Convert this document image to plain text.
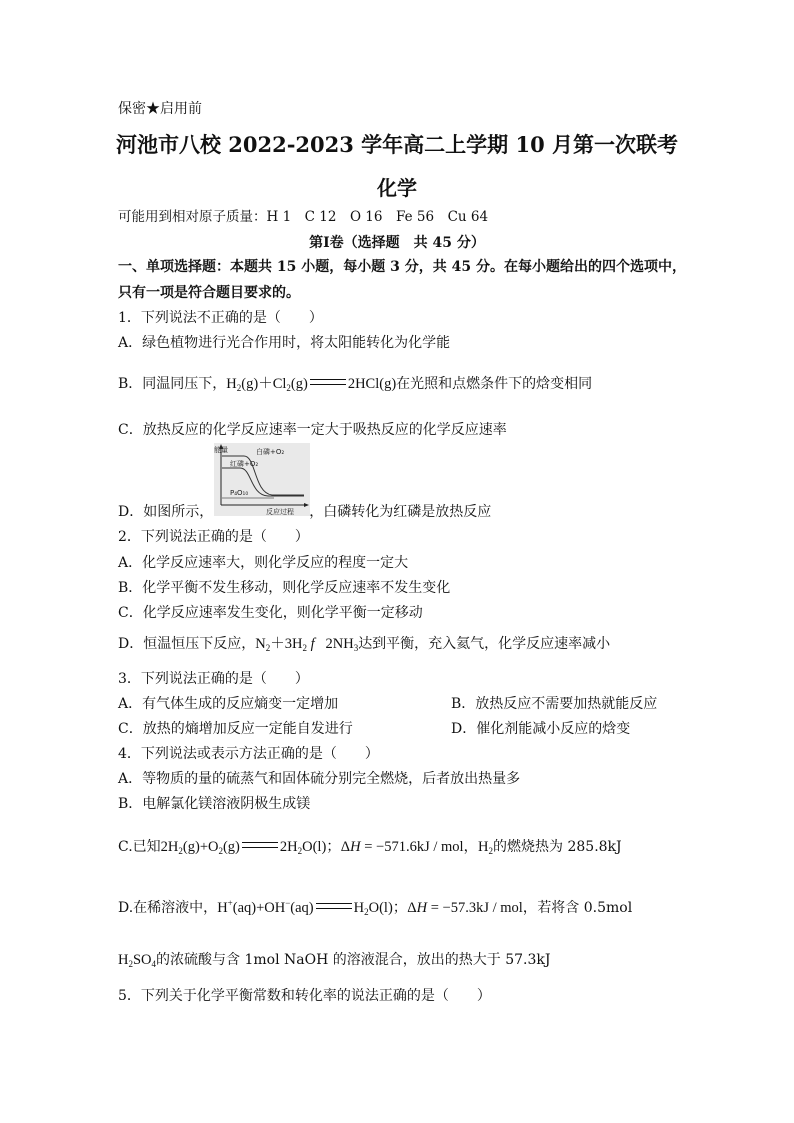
保密★启用前
河池市八校 2022-2023 学年高二上学期 10 月第一次联考
化学
可能用到相对原子质量：H 1　C 12　O 16　Fe 56　Cu 64
第Ⅰ卷（选择题　共 45 分）
一、单项选择题：本题共 15 小题，每小题 3 分，共 45 分。在每小题给出的四个选项中，
只有一项是符合题目要求的。
1．下列说法不正确的是（　　）
A．绿色植物进行光合作用时，将太阳能转化为化学能
B．同温同压下，$H_2(g)+Cl_2(g)$	2HCl(g)在光照和点燃条件下的焓变相同
C．放热反应的化学反应速率一定大于吸热反应的化学反应速率
能量	白磷+O₂
红磷+O₂
P₄O₁₀
反应过程
D．如图所示，	，白磷转化为红磷是放热反应
2．下列说法正确的是（　　）
A．化学反应速率大，则化学反应的程度一定大
B．化学平衡不发生移动，则化学反应速率不发生变化
C．化学反应速率发生变化，则化学平衡一定移动
D．恒温恒压下反应，$N_2+3H_2$ f   $2NH_3$达到平衡，充入氦气，化学反应速率减小
3．下列说法正确的是（　　）
A．有气体生成的反应熵变一定增加	B．放热反应不需要加热就能反应
C．放热的熵增加反应一定能自发进行	D．催化剂能减小反应的焓变
4．下列说法或表示方法正确的是（　　）
A．等物质的量的硫蒸气和固体硫分别完全燃烧，后者放出热量多
B．电解氯化镁溶液阴极生成镁
C.已知$2H_2(g)+O_2(g)$	$2H_2O(l)$；ΔH = −571.6kJ / mol，$H_2$的燃烧热为 285.8kJ
D.在稀溶液中，H+(aq)+OH−(aq)	$H_2O(l)$；ΔH = −57.3kJ / mol，若将含 0.5mol
$H_2SO_4$的浓硫酸与含 1mol NaOH 的溶液混合，放出的热大于 57.3kJ
5．下列关于化学平衡常数和转化率的说法正确的是（　　）
